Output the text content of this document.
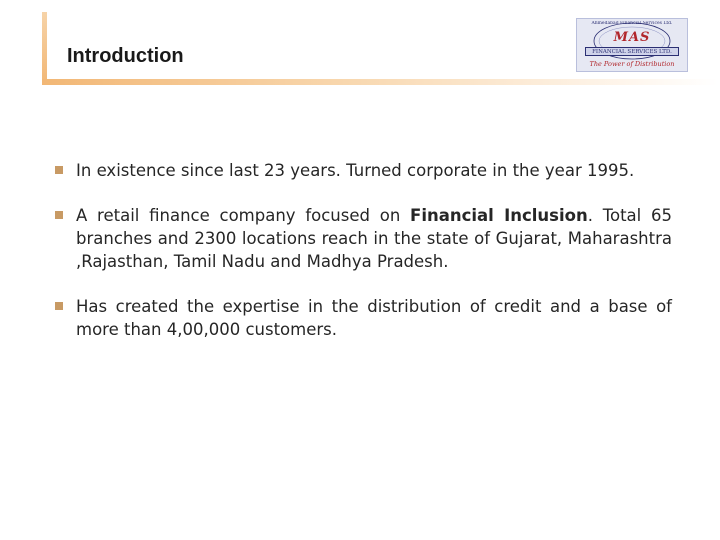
Introduction
Ahmedabad Financial Services Ltd.
MAS
FINANCIAL SERVICES LTD.
The Power of Distribution
In existence since last 23 years. Turned corporate in the year 1995.
A retail finance company focused on Financial Inclusion. Total 65 branches and 2300 locations reach in the state of Gujarat, Maharashtra ,Rajasthan, Tamil Nadu and Madhya Pradesh.
Has created the expertise in the distribution of credit and a base of more than 4,00,000 customers.
